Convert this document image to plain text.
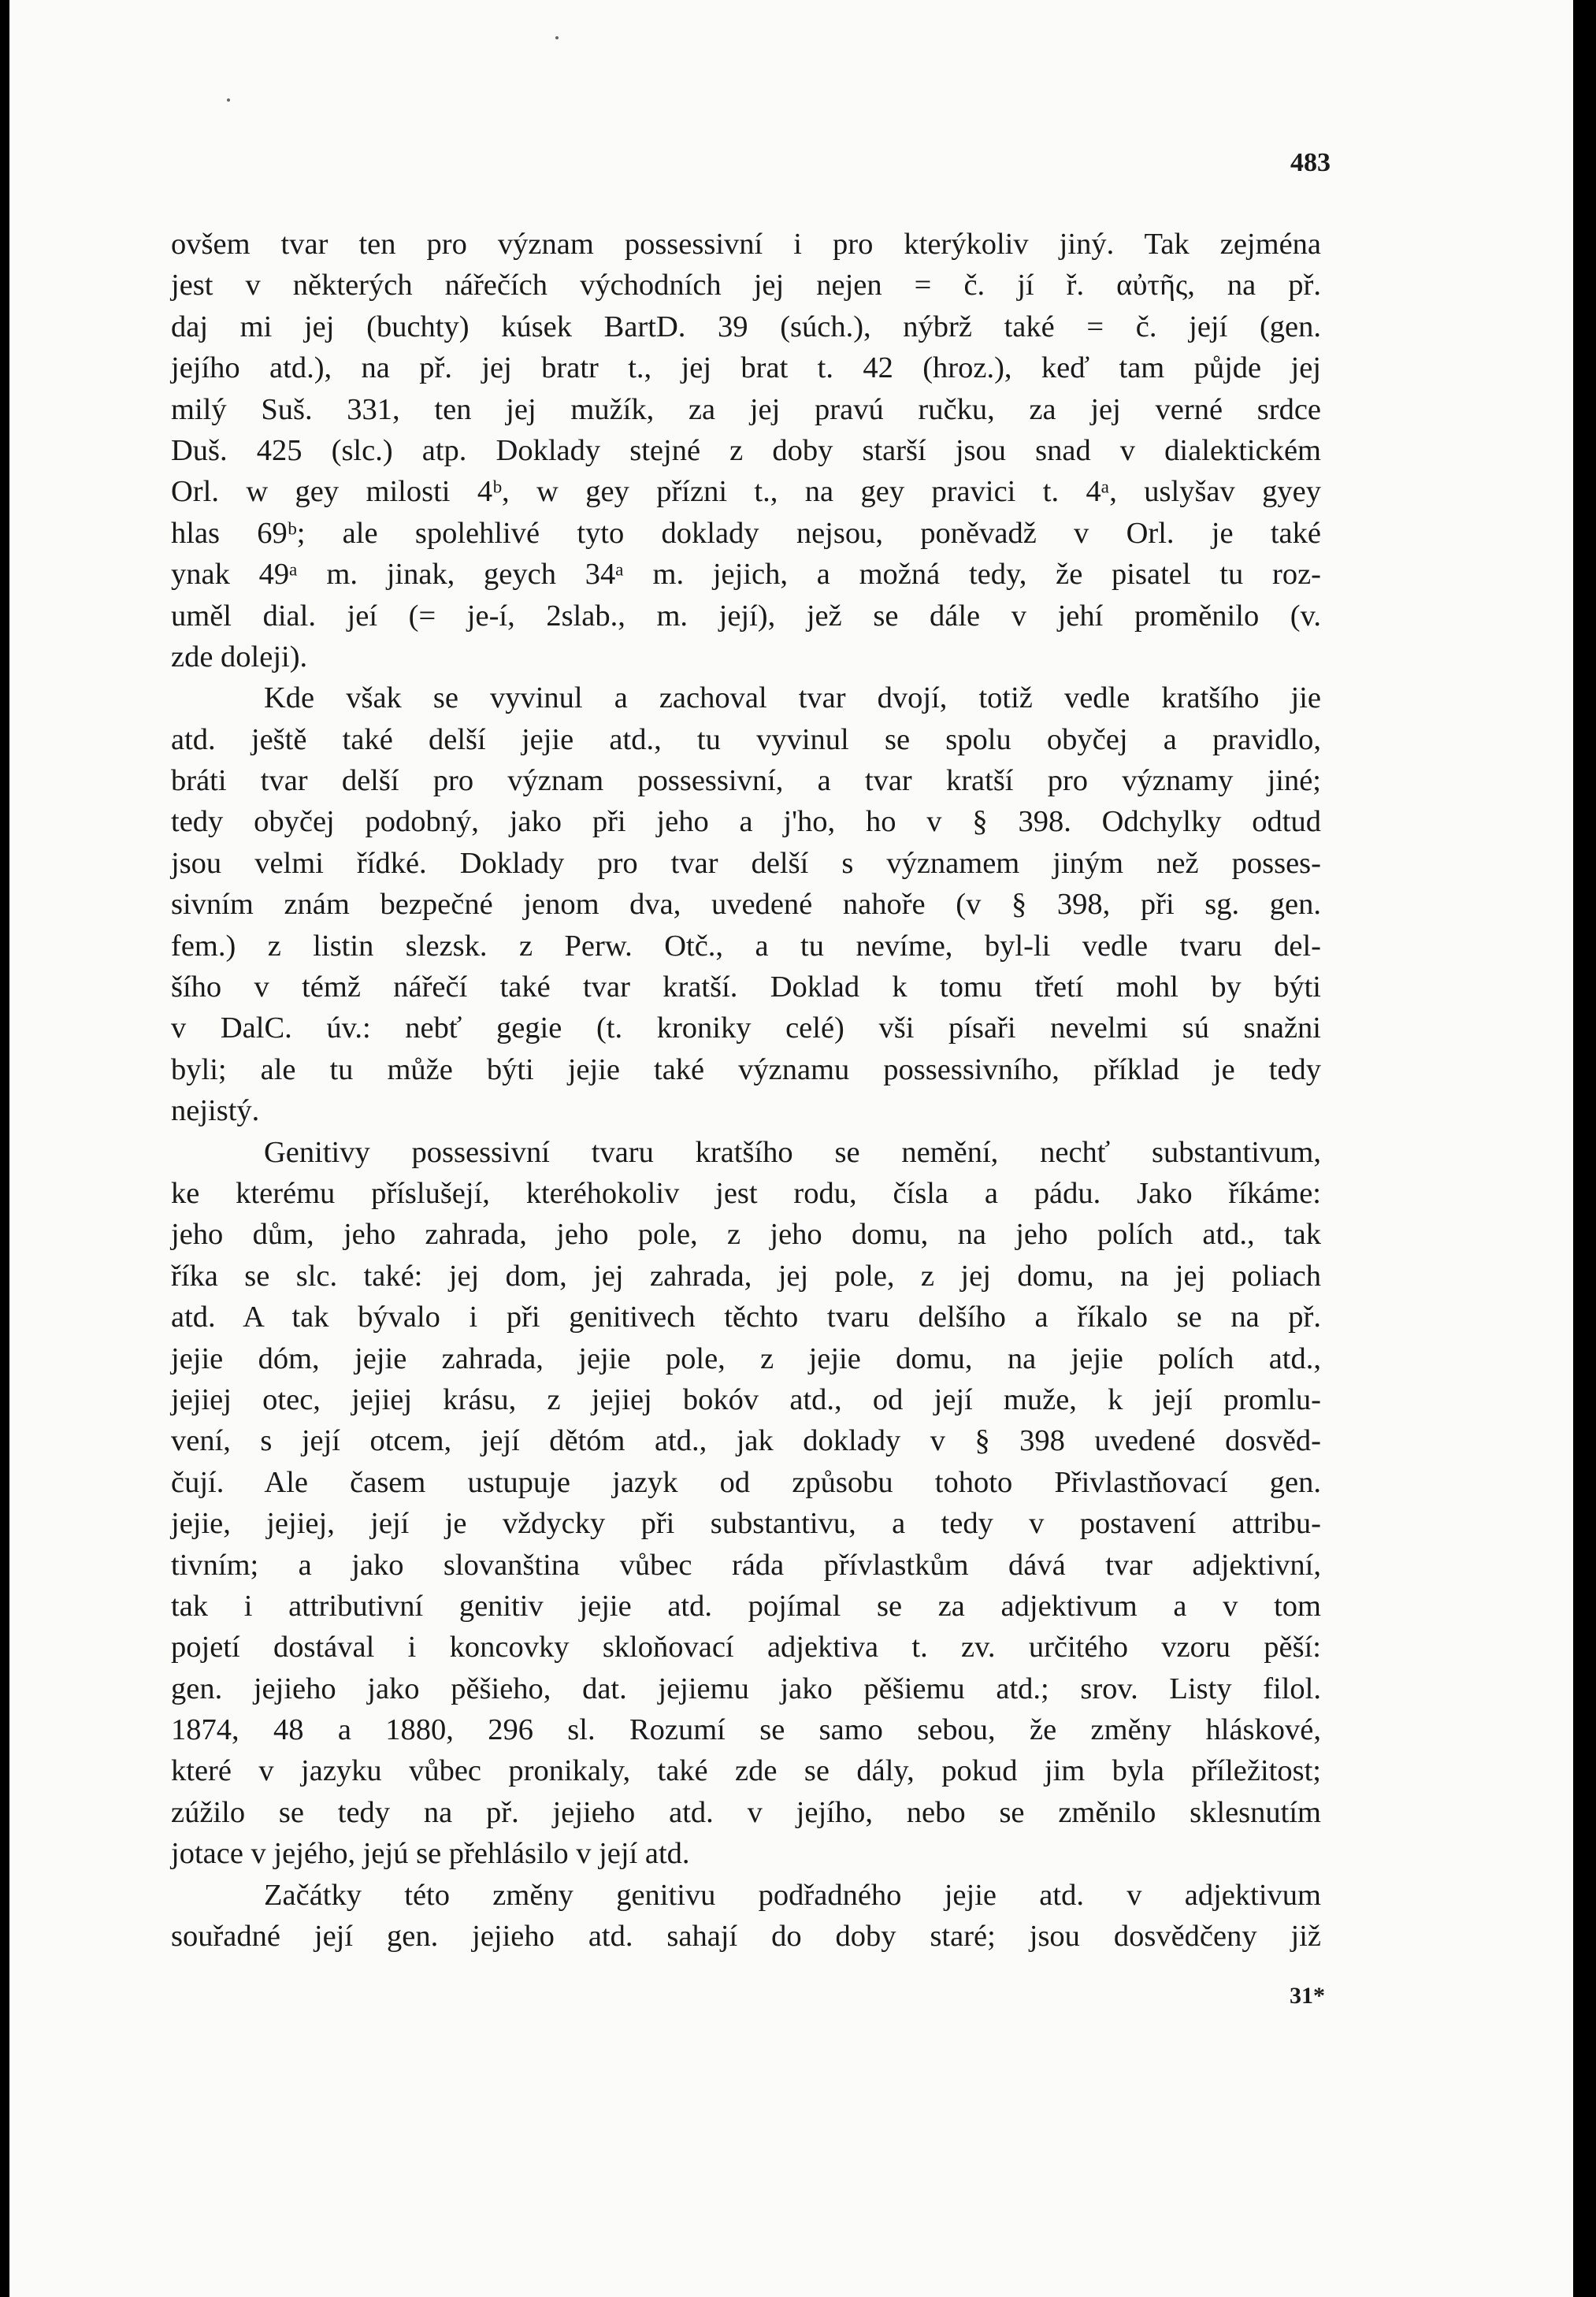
483
ovšem tvar ten pro význam possessivní i pro kterýkoliv jiný. Tak zejména
jest v některých nářečích východních jej nejen = č. jí ř. αὐτῆς, na př.
daj mi jej (buchty) kúsek BartD. 39 (súch.), nýbrž také = č. její (gen.
jejího atd.), na př. jej bratr t., jej brat t. 42 (hroz.), keď tam půjde jej
milý Suš. 331, ten jej mužík, za jej pravú ručku, za jej verné srdce
Duš. 425 (slc.) atp. Doklady stejné z doby starší jsou snad v dialektickém
Orl. w gey milosti 4ᵇ, w gey přízni t., na gey pravici t. 4ᵃ, uslyšav gyey
hlas 69ᵇ; ale spolehlivé tyto doklady nejsou, poněvadž v Orl. je také
ynak 49ᵃ m. jinak, geych 34ᵃ m. jejich, a možná tedy, že pisatel tu roz-
uměl dial. jeí (= je-í, 2slab., m. její), jež se dále v jehí proměnilo (v.
zde doleji).
Kde však se vyvinul a zachoval tvar dvojí, totiž vedle kratšího jie
atd. ještě také delší jejie atd., tu vyvinul se spolu obyčej a pravidlo,
bráti tvar delší pro význam possessivní, a tvar kratší pro významy jiné;
tedy obyčej podobný, jako při jeho a j'ho, ho v § 398. Odchylky odtud
jsou velmi řídké. Doklady pro tvar delší s významem jiným než posses-
sivním znám bezpečné jenom dva, uvedené nahoře (v § 398, při sg. gen.
fem.) z listin slezsk. z Perw. Otč., a tu nevíme, byl-li vedle tvaru del-
šího v témž nářečí také tvar kratší. Doklad k tomu třetí mohl by býti
v DalC. úv.: nebť gegie (t. kroniky celé) vši písaři nevelmi sú snažni
byli; ale tu může býti jejie také významu possessivního, příklad je tedy
nejistý.
Genitivy possessivní tvaru kratšího se nemění, nechť substantivum,
ke kterému příslušejí, kteréhokoliv jest rodu, čísla a pádu. Jako říkáme:
jeho dům, jeho zahrada, jeho pole, z jeho domu, na jeho polích atd., tak
říka se slc. také: jej dom, jej zahrada, jej pole, z jej domu, na jej poliach
atd. A tak bývalo i při genitivech těchto tvaru delšího a říkalo se na př.
jejie dóm, jejie zahrada, jejie pole, z jejie domu, na jejie polích atd.,
jejiej otec, jejiej krásu, z jejiej bokóv atd., od její muže, k její promlu-
vení, s její otcem, její dětóm atd., jak doklady v § 398 uvedené dosvěd-
čují. Ale časem ustupuje jazyk od způsobu tohoto Přivlastňovací gen.
jejie, jejiej, její je vždycky při substantivu, a tedy v postavení attribu-
tivním; a jako slovanština vůbec ráda přívlastkům dává tvar adjektivní,
tak i attributivní genitiv jejie atd. pojímal se za adjektivum a v tom
pojetí dostával i koncovky skloňovací adjektiva t. zv. určitého vzoru pěší:
gen. jejieho jako pěšieho, dat. jejiemu jako pěšiemu atd.; srov. Listy filol.
1874, 48 a 1880, 296 sl. Rozumí se samo sebou, že změny hláskové,
které v jazyku vůbec pronikaly, také zde se dály, pokud jim byla příležitost;
zúžilo se tedy na př. jejieho atd. v jejího, nebo se změnilo sklesnutím
jotace v jejého, jejú se přehlásilo v její atd.
Začátky této změny genitivu podřadného jejie atd. v adjektivum
souřadné její gen. jejieho atd. sahají do doby staré; jsou dosvědčeny již
31*
